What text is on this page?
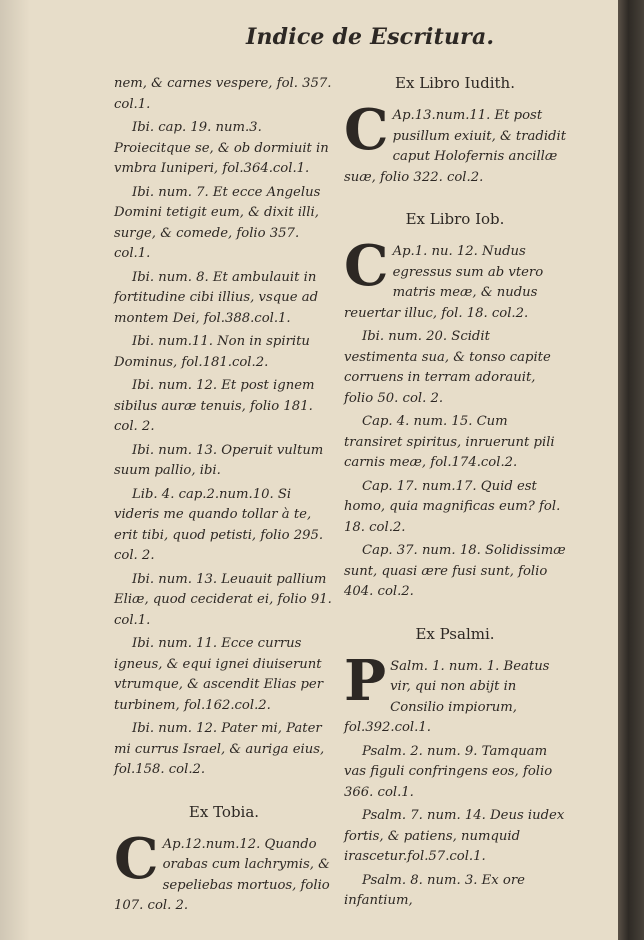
Indice de Escritura.

nem, & carnes vespere, fol. 357. col.1.

Ibi. cap. 19. num.3. Proiecitque se, & ob dormiuit in vmbra Iuniperi, fol.364.col.1.

Ibi. num. 7. Et ecce Angelus Domini tetigit eum, & dixit illi, surge, & comede, folio 357. col.1.

Ibi. num. 8. Et ambulauit in fortitudine cibi illius, vsque ad montem Dei, fol.388.col.1.

Ibi. num.11. Non in spiritu Dominus, fol.181.col.2.

Ibi. num. 12. Et post ignem sibilus auræ tenuis, folio 181. col. 2.

Ibi. num. 13. Operuit vultum suum pallio, ibi.

Lib. 4. cap.2.num.10. Si videris me quando tollar à te, erit tibi, quod petisti, folio 295. col. 2.

Ibi. num. 13. Leuauit pallium Eliæ, quod ceciderat ei, folio 91. col.1.

Ibi. num. 11. Ecce currus igneus, & equi ignei diuiserunt vtrumque, & ascendit Elias per turbinem, fol.162.col.2.

Ibi. num. 12. Pater mi, Pater mi currus Israel, & auriga eius, fol.158. col.2.

Ex Tobia.

C Ap.12.num.12. Quando orabas cum lachrymis, & sepeliebas mortuos, folio 107. col. 2.

Ex Libro Iudith.

C Ap.13.num.11. Et post pusillum exiuit, & tradidit caput Holofernis ancillæ suæ, folio 322. col.2.

Ex Libro Iob.

C Ap.1. nu. 12. Nudus egressus sum ab vtero matris meæ, & nudus reuertar illuc, fol. 18. col.2.

Ibi. num. 20. Scidit vestimenta sua, & tonso capite corruens in terram adorauit, folio 50. col. 2.

Cap. 4. num. 15. Cum transiret spiritus, inruerunt pili carnis meæ, fol.174.col.2.

Cap. 17. num.17. Quid est homo, quia magnificas eum? fol. 18. col.2.

Cap. 37. num. 18. Solidissimæ sunt, quasi ære fusi sunt, folio 404. col.2.

Ex Psalmi.

P Salm. 1. num. 1. Beatus vir, qui non abijt in Consilio impiorum, fol.392.col.1.

Psalm. 2. num. 9. Tamquam vas figuli confringens eos, folio 366. col.1.

Psalm. 7. num. 14. Deus iudex fortis, & patiens, numquid irascetur.fol.57.col.1.

Psalm. 8. num. 3. Ex ore infantium,
